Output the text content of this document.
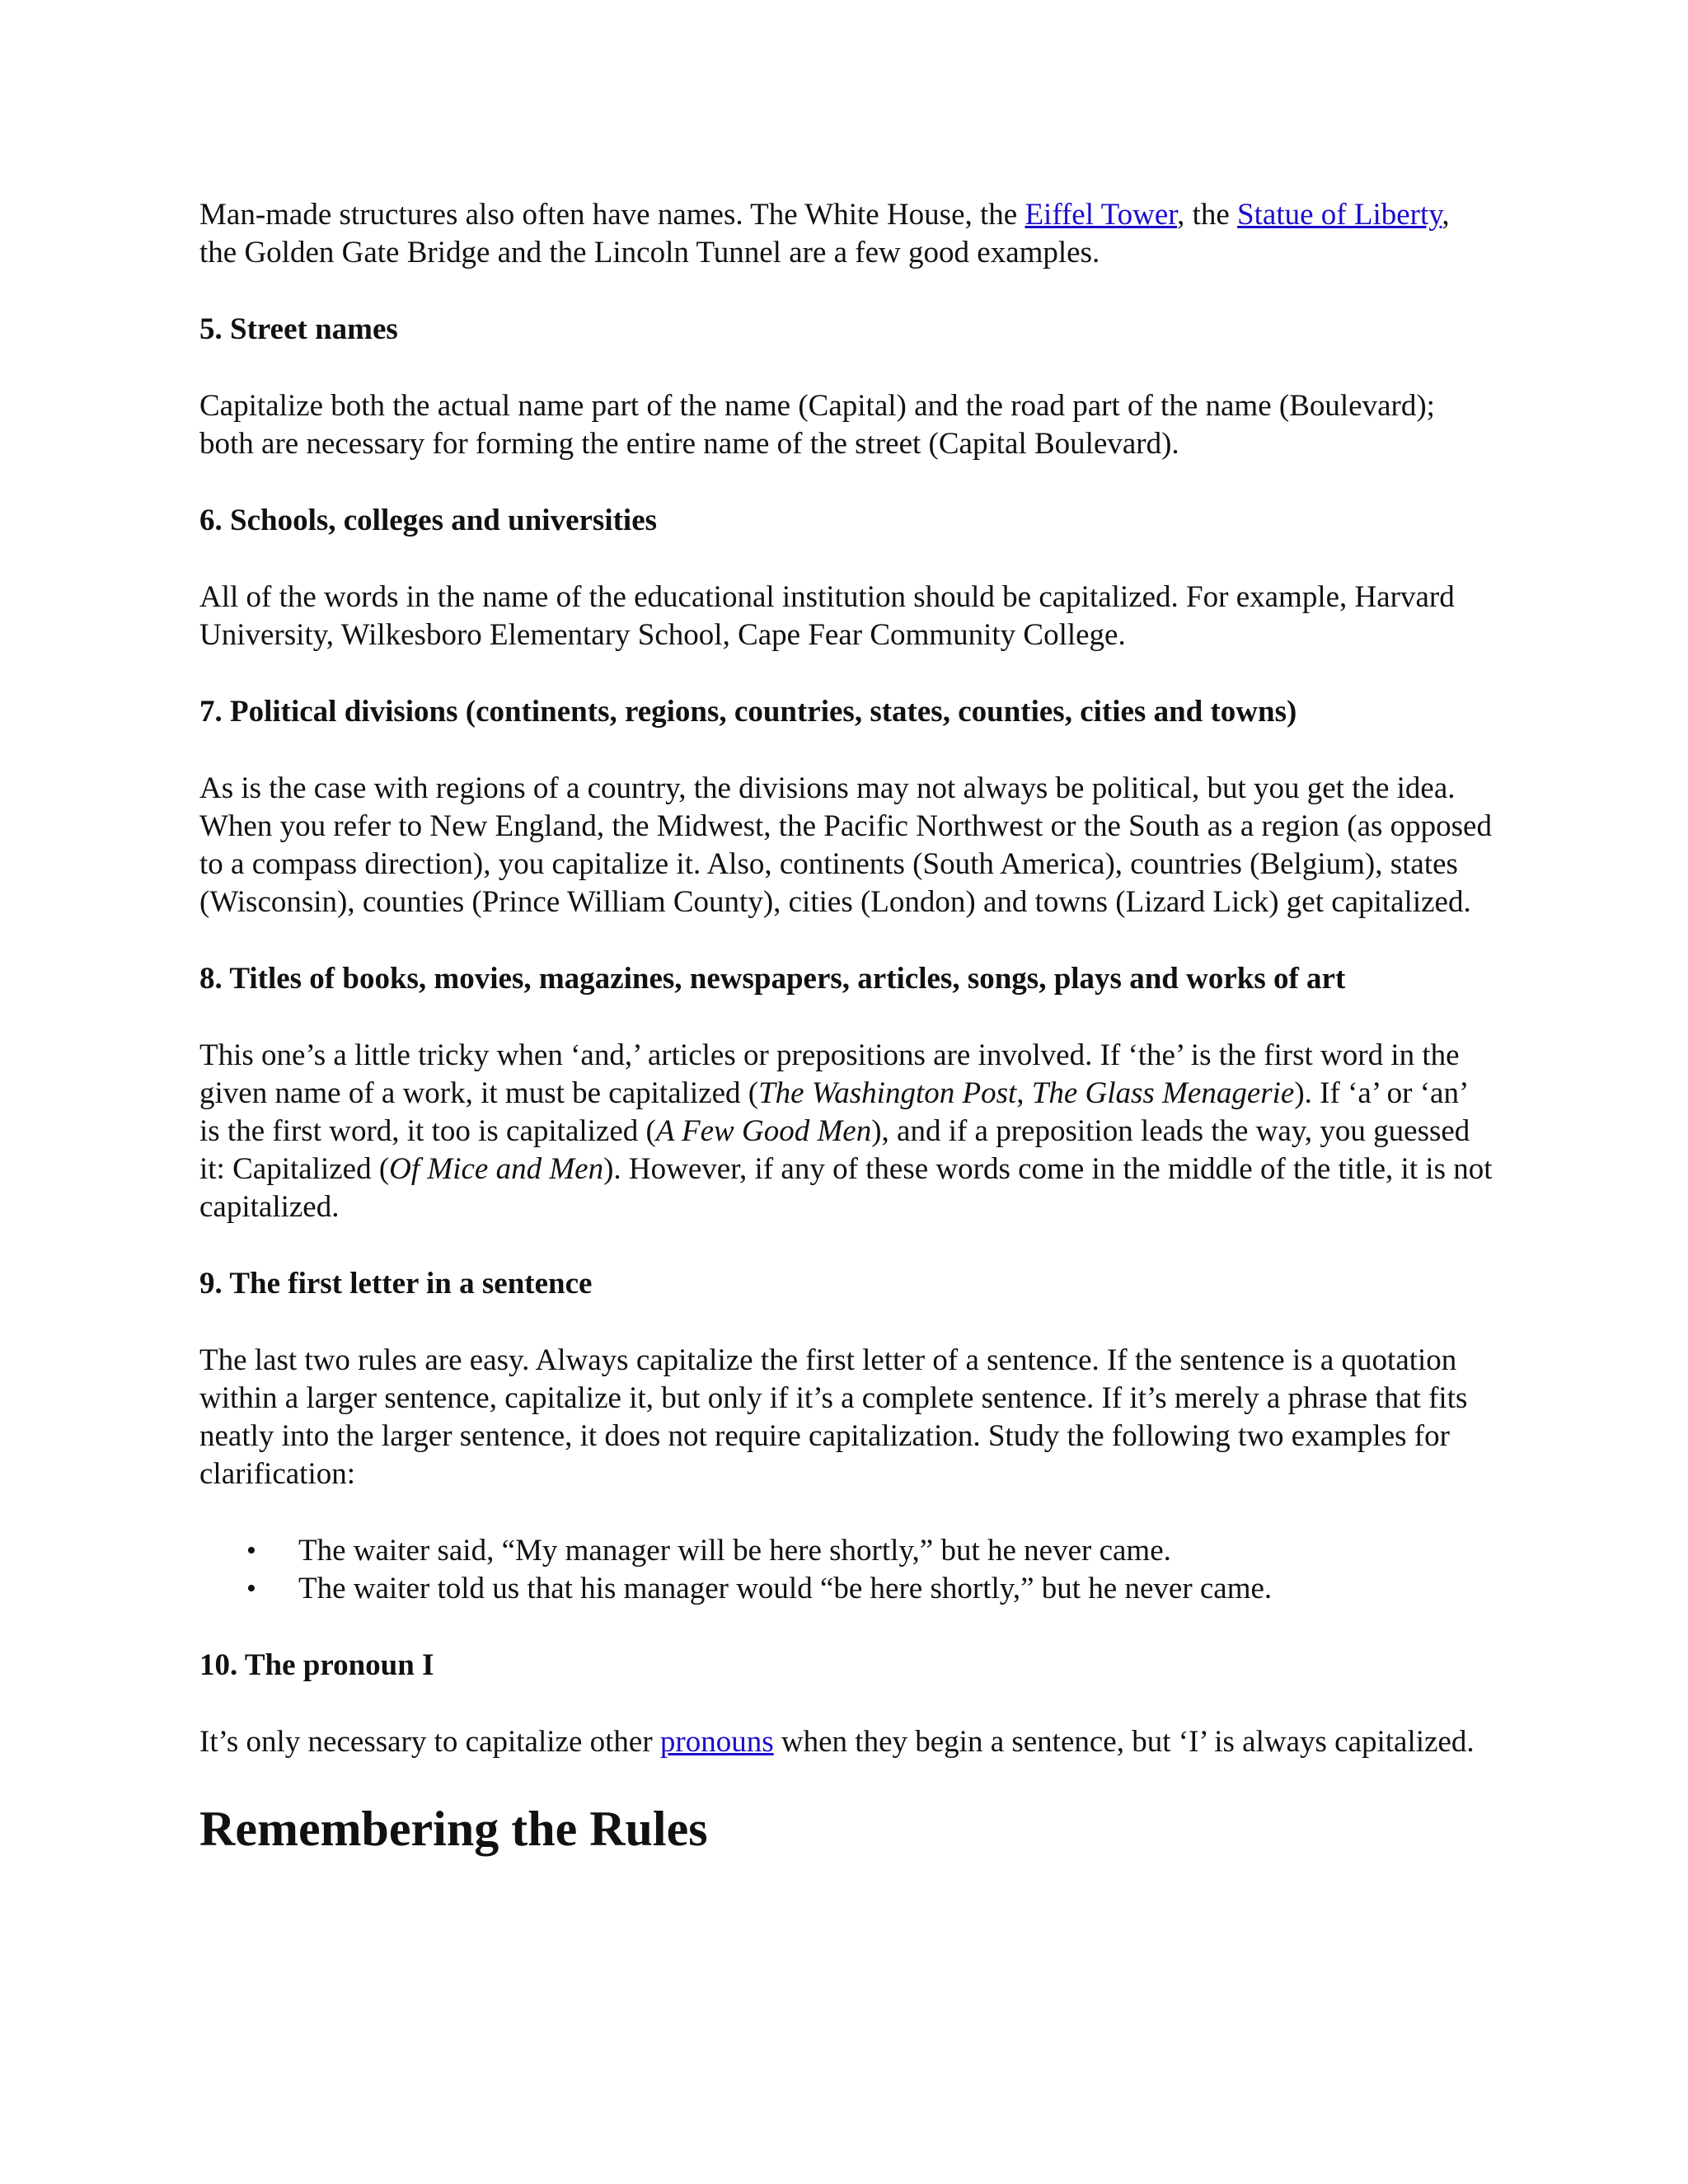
Man-made structures also often have names. The White House, the Eiffel Tower, the Statue of Liberty, the Golden Gate Bridge and the Lincoln Tunnel are a few good examples.

5. Street names

Capitalize both the actual name part of the name (Capital) and the road part of the name (Boulevard); both are necessary for forming the entire name of the street (Capital Boulevard).

6. Schools, colleges and universities

All of the words in the name of the educational institution should be capitalized. For example, Harvard University, Wilkesboro Elementary School, Cape Fear Community College.

7. Political divisions (continents, regions, countries, states, counties, cities and towns)

As is the case with regions of a country, the divisions may not always be political, but you get the idea. When you refer to New England, the Midwest, the Pacific Northwest or the South as a region (as opposed to a compass direction), you capitalize it. Also, continents (South America), countries (Belgium), states (Wisconsin), counties (Prince William County), cities (London) and towns (Lizard Lick) get capitalized.

8. Titles of books, movies, magazines, newspapers, articles, songs, plays and works of art

This one’s a little tricky when ‘and,’ articles or prepositions are involved. If ‘the’ is the first word in the given name of a work, it must be capitalized (The Washington Post, The Glass Menagerie). If ‘a’ or ‘an’ is the first word, it too is capitalized (A Few Good Men), and if a preposition leads the way, you guessed it: Capitalized (Of Mice and Men). However, if any of these words come in the middle of the title, it is not capitalized.

9. The first letter in a sentence

The last two rules are easy. Always capitalize the first letter of a sentence. If the sentence is a quotation within a larger sentence, capitalize it, but only if it’s a complete sentence. If it’s merely a phrase that fits neatly into the larger sentence, it does not require capitalization. Study the following two examples for clarification:

• The waiter said, “My manager will be here shortly,” but he never came.
• The waiter told us that his manager would “be here shortly,” but he never came.

10. The pronoun I

It’s only necessary to capitalize other pronouns when they begin a sentence, but ‘I’ is always capitalized.

Remembering the Rules
